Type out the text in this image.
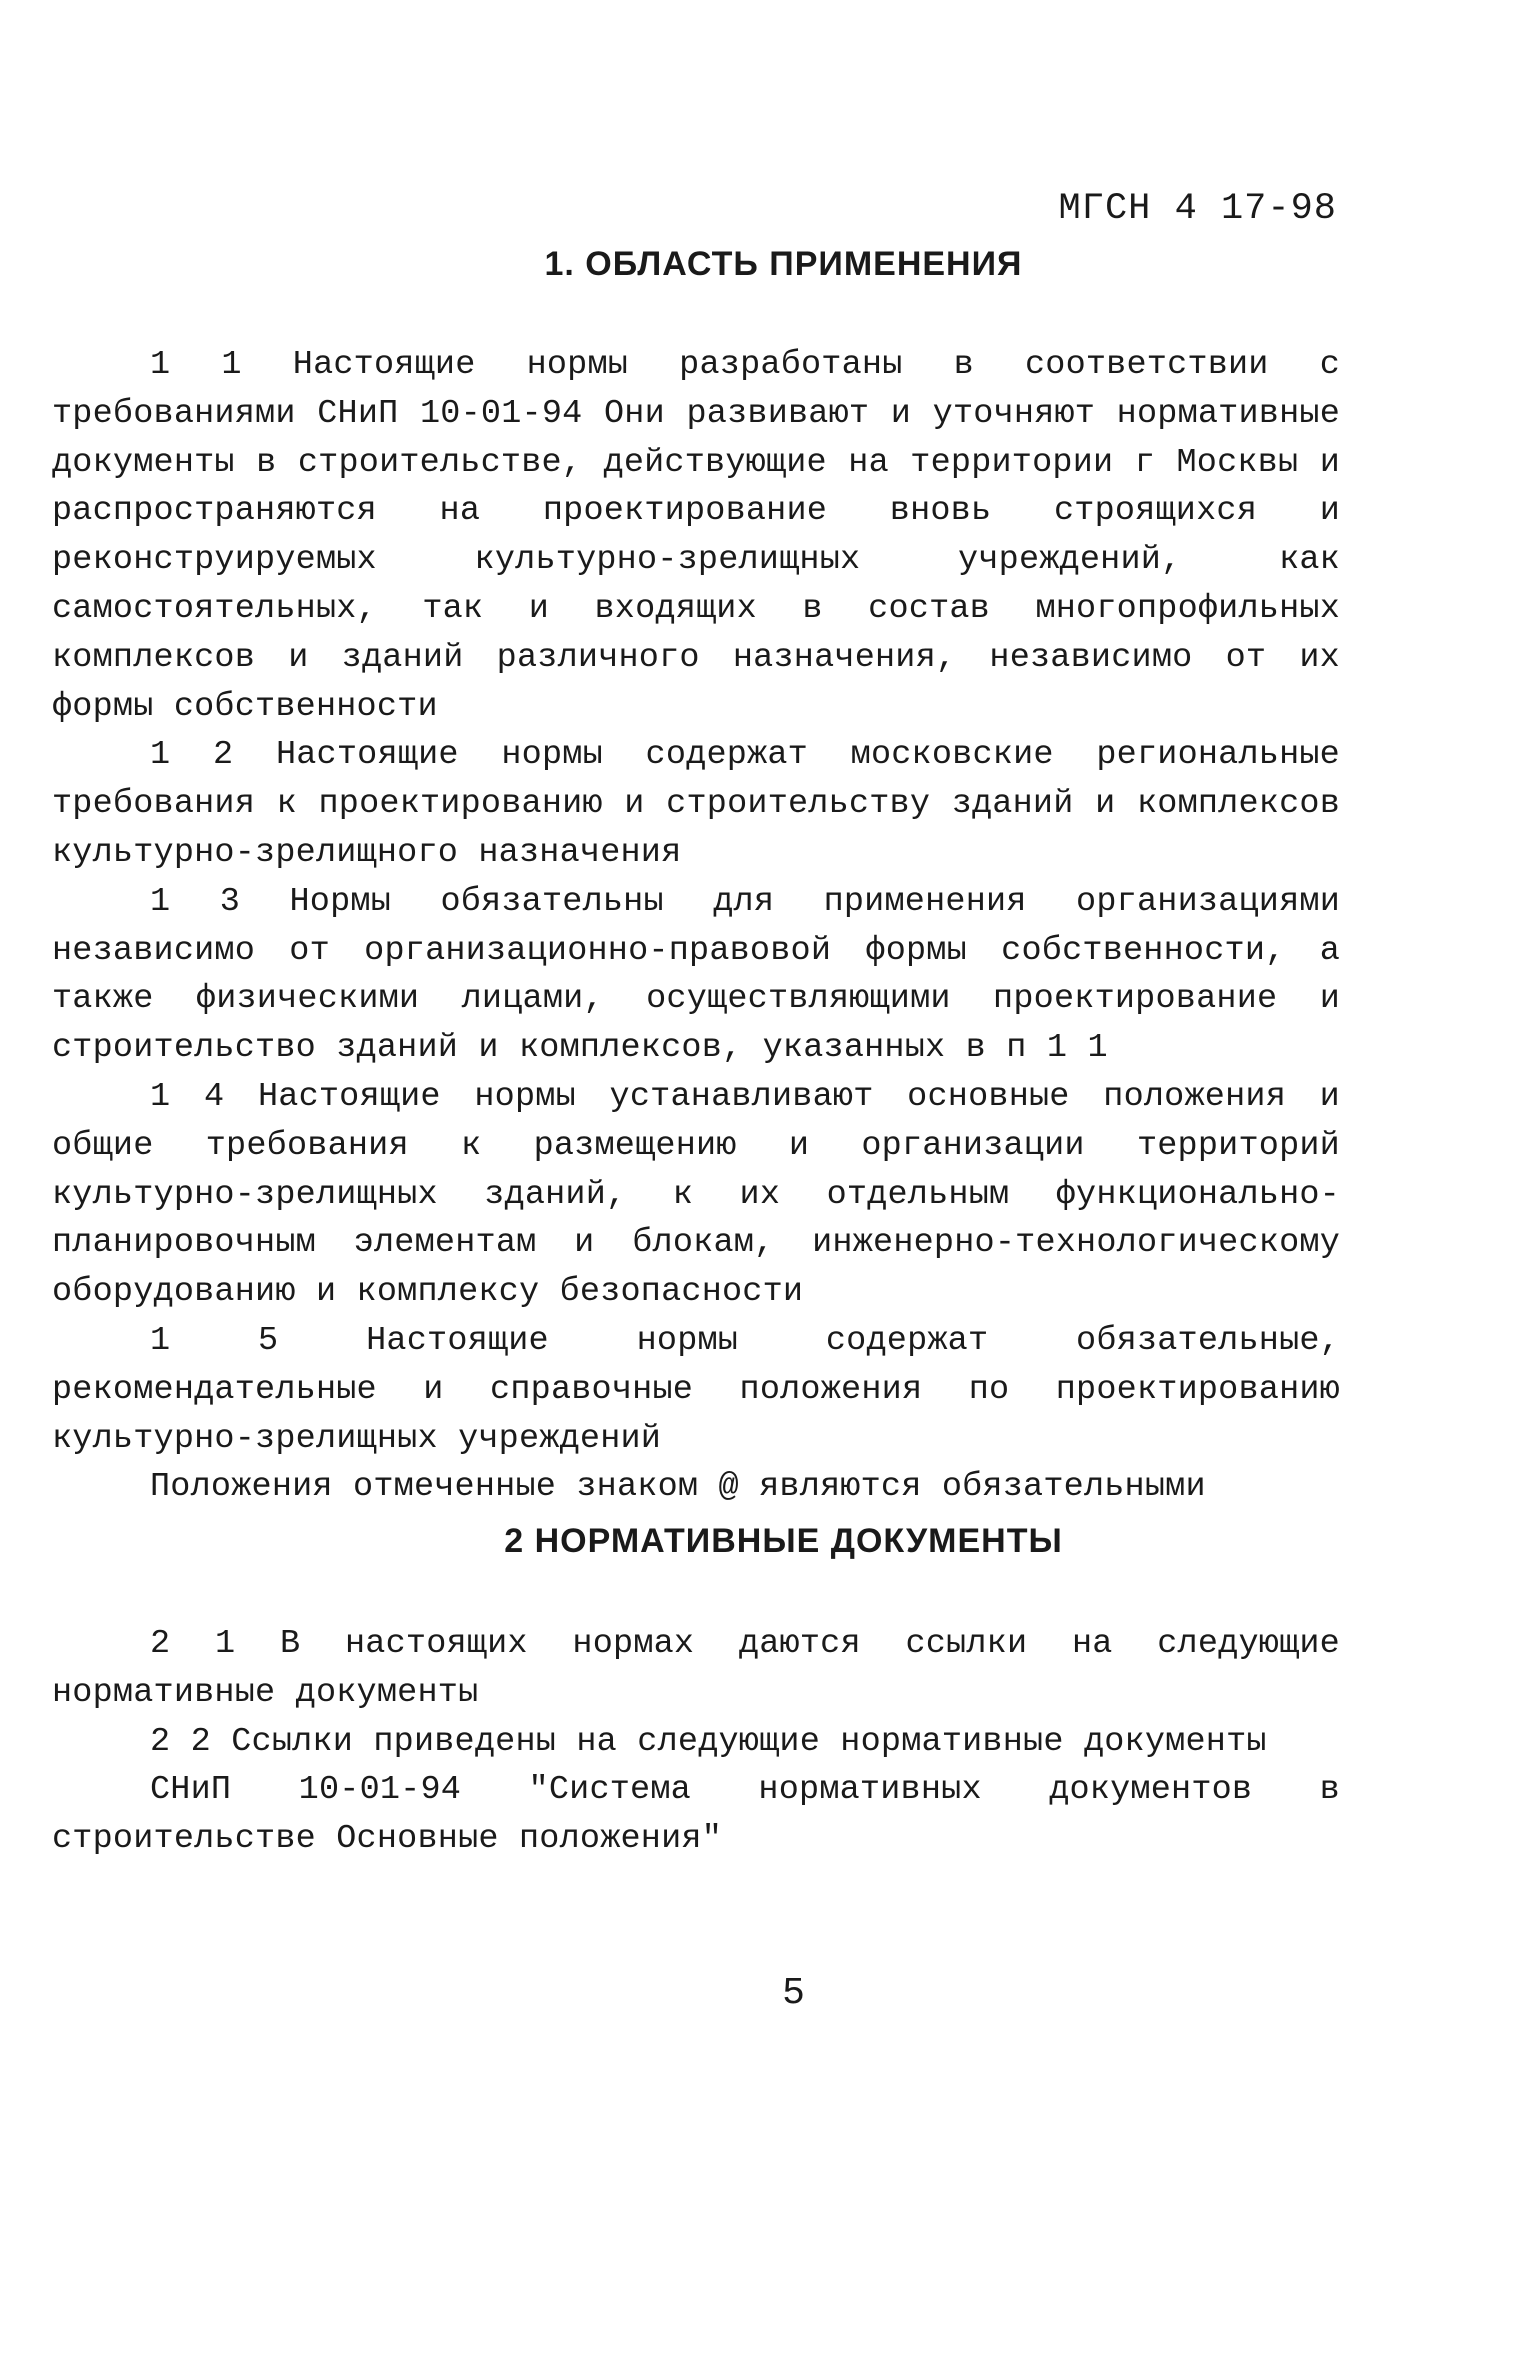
МГСН 4 17-98
1. ОБЛАСТЬ ПРИМЕНЕНИЯ

1 1 Настоящие нормы разработаны в соответствии с требованиями СНиП 10-01-94 Они развивают и уточняют нормативные документы в строительстве, действующие на территории г Москвы и распространяются на проектирование вновь строящихся и реконструируемых культурно-зрелищных учреждений, как самостоятельных, так и входящих в состав многопрофильных комплексов и зданий различного назначения, независимо от их формы собственности

1 2 Настоящие нормы содержат московские региональные требования к проектированию и строительству зданий и комплексов культурно-зрелищного назначения

1 3 Нормы обязательны для применения организациями независимо от организационно-правовой формы собственности, а также физическими лицами, осуществляющими проектирование и строительство зданий и комплексов, указанных в п 1 1

1 4 Настоящие нормы устанавливают основные положения и общие требования к размещению и организации территорий культурно-зрелищных зданий, к их отдельным функционально-планировочным элементам и блокам, инженерно-технологическому оборудованию и комплексу безопасности

1 5 Настоящие нормы содержат обязательные, рекомендательные и справочные положения по проектированию культурно-зрелищных учреждений

Положения отмеченные знаком @ являются обязательными

2 НОРМАТИВНЫЕ ДОКУМЕНТЫ

2 1 В настоящих нормах даются ссылки на следующие нормативные документы

2 2 Ссылки приведены на следующие нормативные документы

СНиП 10-01-94 "Система нормативных документов в строительстве Основные положения"

5
